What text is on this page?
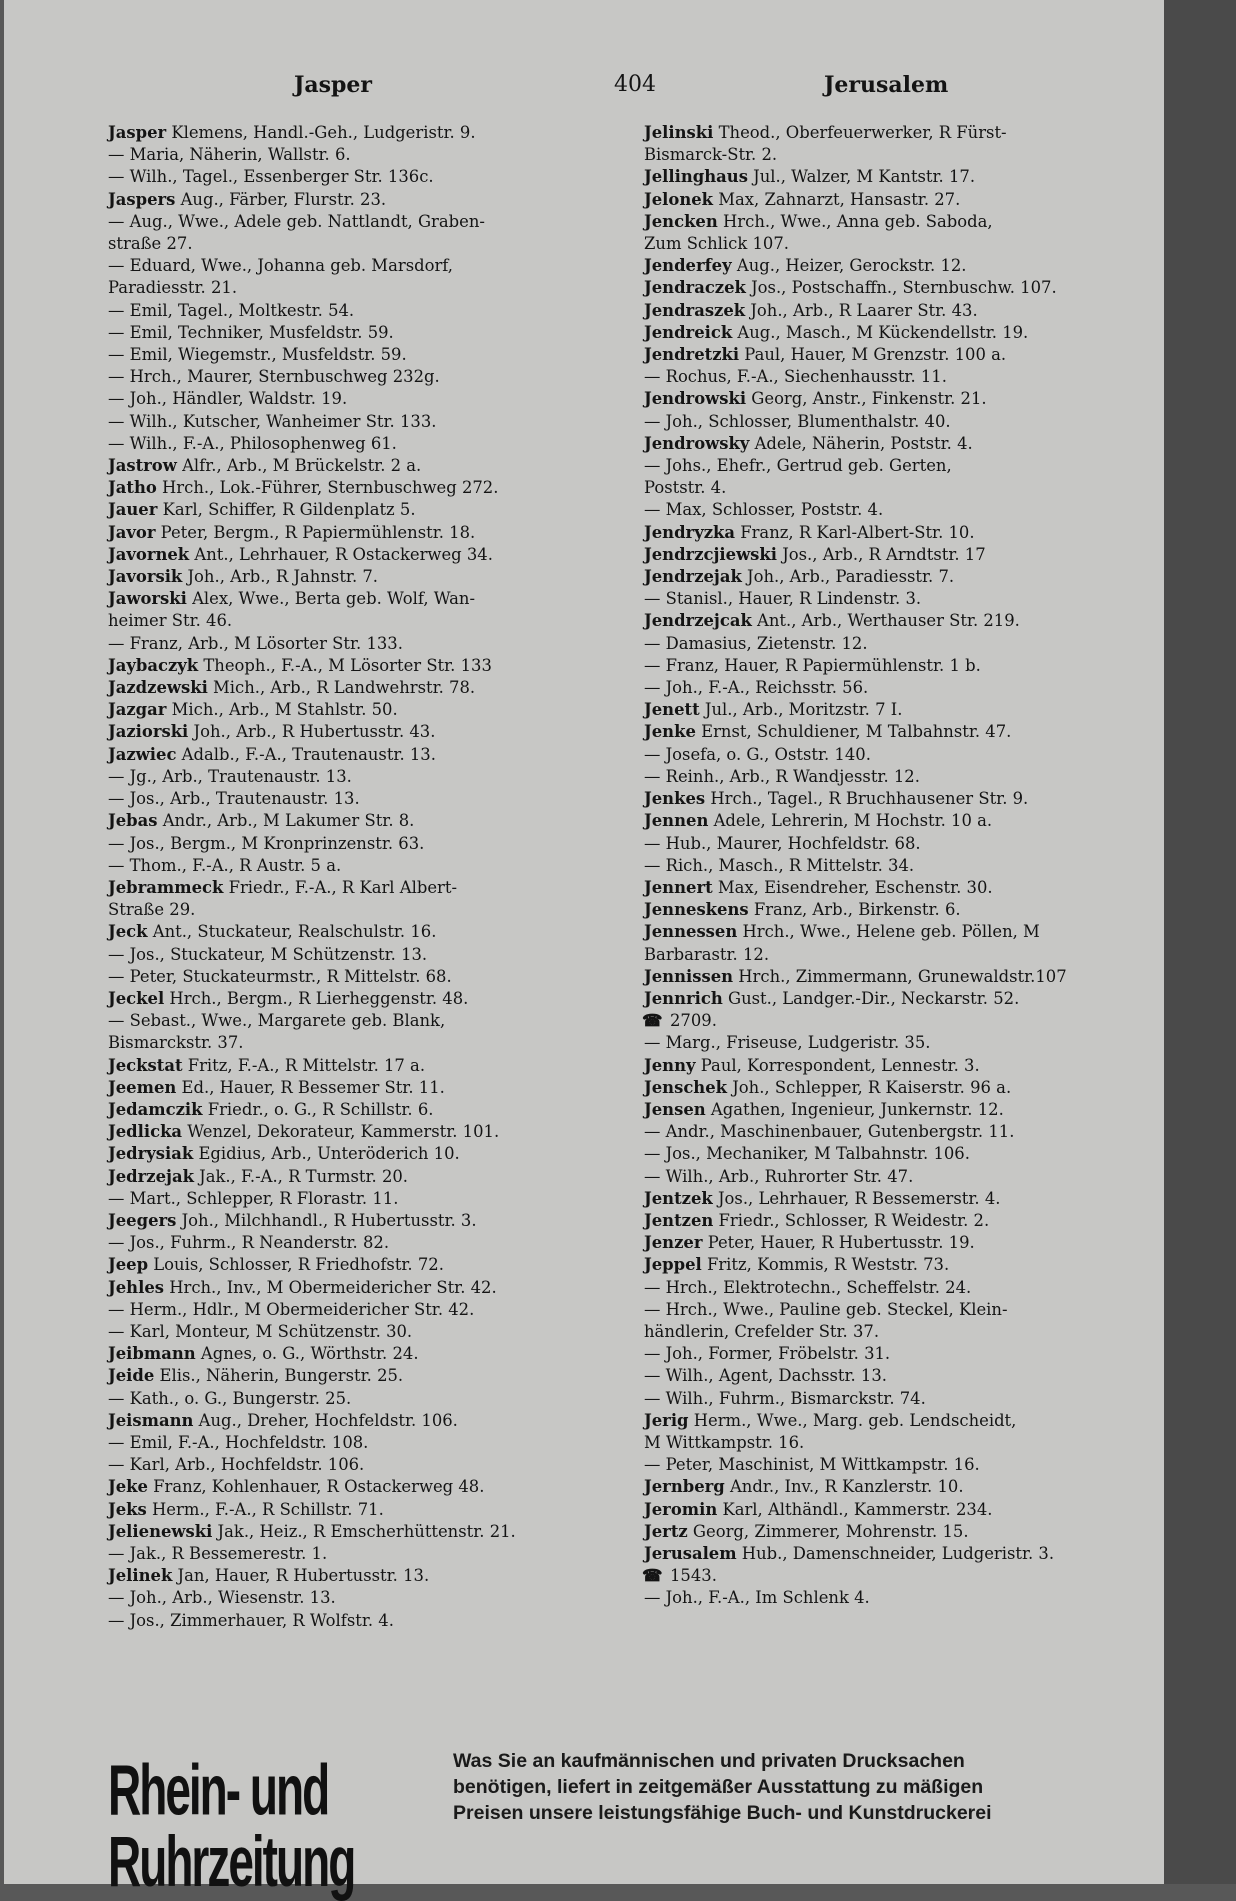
Jasper	404	Jerusalem
Jasper Klemens, Handl.-Geh., Ludgeristr. 9.
— Maria, Näherin, Wallstr. 6.
— Wilh., Tagel., Essenberger Str. 136c.
Jaspers Aug., Färber, Flurstr. 23.
— Aug., Wwe., Adele geb. Nattlandt, Graben-
straße 27.
— Eduard, Wwe., Johanna geb. Marsdorf,
Paradiesstr. 21.
— Emil, Tagel., Moltkestr. 54.
— Emil, Techniker, Musfeldstr. 59.
— Emil, Wiegemstr., Musfeldstr. 59.
— Hrch., Maurer, Sternbuschweg 232g.
— Joh., Händler, Waldstr. 19.
— Wilh., Kutscher, Wanheimer Str. 133.
— Wilh., F.-A., Philosophenweg 61.
Jastrow Alfr., Arb., M Brückelstr. 2 a.
Jatho Hrch., Lok.-Führer, Sternbuschweg 272.
Jauer Karl, Schiffer, R Gildenplatz 5.
Javor Peter, Bergm., R Papiermühlenstr. 18.
Javornek Ant., Lehrhauer, R Ostackerweg 34.
Javorsik Joh., Arb., R Jahnstr. 7.
Jaworski Alex, Wwe., Berta geb. Wolf, Wan-
heimer Str. 46.
— Franz, Arb., M Lösorter Str. 133.
Jaybaczyk Theoph., F.-A., M Lösorter Str. 133
Jazdzewski Mich., Arb., R Landwehrstr. 78.
Jazgar Mich., Arb., M Stahlstr. 50.
Jaziorski Joh., Arb., R Hubertusstr. 43.
Jazwiec Adalb., F.-A., Trautenaustr. 13.
— Jg., Arb., Trautenaustr. 13.
— Jos., Arb., Trautenaustr. 13.
Jebas Andr., Arb., M Lakumer Str. 8.
— Jos., Bergm., M Kronprinzenstr. 63.
— Thom., F.-A., R Austr. 5 a.
Jebrammeck Friedr., F.-A., R Karl Albert-
Straße 29.
Jeck Ant., Stuckateur, Realschulstr. 16.
— Jos., Stuckateur, M Schützenstr. 13.
— Peter, Stuckateurmstr., R Mittelstr. 68.
Jeckel Hrch., Bergm., R Lierheggenstr. 48.
— Sebast., Wwe., Margarete geb. Blank,
Bismarckstr. 37.
Jeckstat Fritz, F.-A., R Mittelstr. 17 a.
Jeemen Ed., Hauer, R Bessemer Str. 11.
Jedamczik Friedr., o. G., R Schillstr. 6.
Jedlicka Wenzel, Dekorateur, Kammerstr. 101.
Jedrysiak Egidius, Arb., Unteröderich 10.
Jedrzejak Jak., F.-A., R Turmstr. 20.
— Mart., Schlepper, R Florastr. 11.
Jeegers Joh., Milchhandl., R Hubertusstr. 3.
— Jos., Fuhrm., R Neanderstr. 82.
Jeep Louis, Schlosser, R Friedhofstr. 72.
Jehles Hrch., Inv., M Obermeidericher Str. 42.
— Herm., Hdlr., M Obermeidericher Str. 42.
— Karl, Monteur, M Schützenstr. 30.
Jeibmann Agnes, o. G., Wörthstr. 24.
Jeide Elis., Näherin, Bungerstr. 25.
— Kath., o. G., Bungerstr. 25.
Jeismann Aug., Dreher, Hochfeldstr. 106.
— Emil, F.-A., Hochfeldstr. 108.
— Karl, Arb., Hochfeldstr. 106.
Jeke Franz, Kohlenhauer, R Ostackerweg 48.
Jeks Herm., F.-A., R Schillstr. 71.
Jelienewski Jak., Heiz., R Emscherhüttenstr. 21.
— Jak., R Bessemerestr. 1.
Jelinek Jan, Hauer, R Hubertusstr. 13.
— Joh., Arb., Wiesenstr. 13.
— Jos., Zimmerhauer, R Wolfstr. 4.
Jelinski Theod., Oberfeuerwerker, R Fürst-
Bismarck-Str. 2.
Jellinghaus Jul., Walzer, M Kantstr. 17.
Jelonek Max, Zahnarzt, Hansastr. 27.
Jencken Hrch., Wwe., Anna geb. Saboda,
Zum Schlick 107.
Jenderfey Aug., Heizer, Gerockstr. 12.
Jendraczek Jos., Postschaffn., Sternbuschw. 107.
Jendraszek Joh., Arb., R Laarer Str. 43.
Jendreick Aug., Masch., M Kückendellstr. 19.
Jendretzki Paul, Hauer, M Grenzstr. 100 a.
— Rochus, F.-A., Siechenhausstr. 11.
Jendrowski Georg, Anstr., Finkenstr. 21.
— Joh., Schlosser, Blumenthalstr. 40.
Jendrowsky Adele, Näherin, Poststr. 4.
— Johs., Ehefr., Gertrud geb. Gerten,
Poststr. 4.
— Max, Schlosser, Poststr. 4.
Jendryzka Franz, R Karl-Albert-Str. 10.
Jendrzcjiewski Jos., Arb., R Arndtstr. 17
Jendrzejak Joh., Arb., Paradiesstr. 7.
— Stanisl., Hauer, R Lindenstr. 3.
Jendrzejcak Ant., Arb., Werthauser Str. 219.
— Damasius, Zietenstr. 12.
— Franz, Hauer, R Papiermühlenstr. 1 b.
— Joh., F.-A., Reichsstr. 56.
Jenett Jul., Arb., Moritzstr. 7 I.
Jenke Ernst, Schuldiener, M Talbahnstr. 47.
— Josefa, o. G., Oststr. 140.
— Reinh., Arb., R Wandjesstr. 12.
Jenkes Hrch., Tagel., R Bruchhausener Str. 9.
Jennen Adele, Lehrerin, M Hochstr. 10 a.
— Hub., Maurer, Hochfeldstr. 68.
— Rich., Masch., R Mittelstr. 34.
Jennert Max, Eisendreher, Eschenstr. 30.
Jenneskens Franz, Arb., Birkenstr. 6.
Jennessen Hrch., Wwe., Helene geb. Pöllen, M
Barbarastr. 12.
Jennissen Hrch., Zimmermann, Grunewaldstr.107
Jennrich Gust., Landger.-Dir., Neckarstr. 52.
☎ 2709.
— Marg., Friseuse, Ludgeristr. 35.
Jenny Paul, Korrespondent, Lennestr. 3.
Jenschek Joh., Schlepper, R Kaiserstr. 96 a.
Jensen Agathen, Ingenieur, Junkernstr. 12.
— Andr., Maschinenbauer, Gutenbergstr. 11.
— Jos., Mechaniker, M Talbahnstr. 106.
— Wilh., Arb., Ruhrorter Str. 47.
Jentzek Jos., Lehrhauer, R Bessemerstr. 4.
Jentzen Friedr., Schlosser, R Weidestr. 2.
Jenzer Peter, Hauer, R Hubertusstr. 19.
Jeppel Fritz, Kommis, R Weststr. 73.
— Hrch., Elektrotechn., Scheffelstr. 24.
— Hrch., Wwe., Pauline geb. Steckel, Klein-
händlerin, Crefelder Str. 37.
— Joh., Former, Fröbelstr. 31.
— Wilh., Agent, Dachsstr. 13.
— Wilh., Fuhrm., Bismarckstr. 74.
Jerig Herm., Wwe., Marg. geb. Lendscheidt,
M Wittkampstr. 16.
— Peter, Maschinist, M Wittkampstr. 16.
Jernberg Andr., Inv., R Kanzlerstr. 10.
Jeromin Karl, Althändl., Kammerstr. 234.
Jertz Georg, Zimmerer, Mohrenstr. 15.
Jerusalem Hub., Damenschneider, Ludgeristr. 3.
☎ 1543.
— Joh., F.-A., Im Schlenk 4.
Rhein- und Ruhrzeitung
Was Sie an kaufmännischen und privaten Drucksachen
benötigen, liefert in zeitgemäßer Ausstattung zu mäßigen
Preisen unsere leistungsfähige Buch- und Kunstdruckerei
